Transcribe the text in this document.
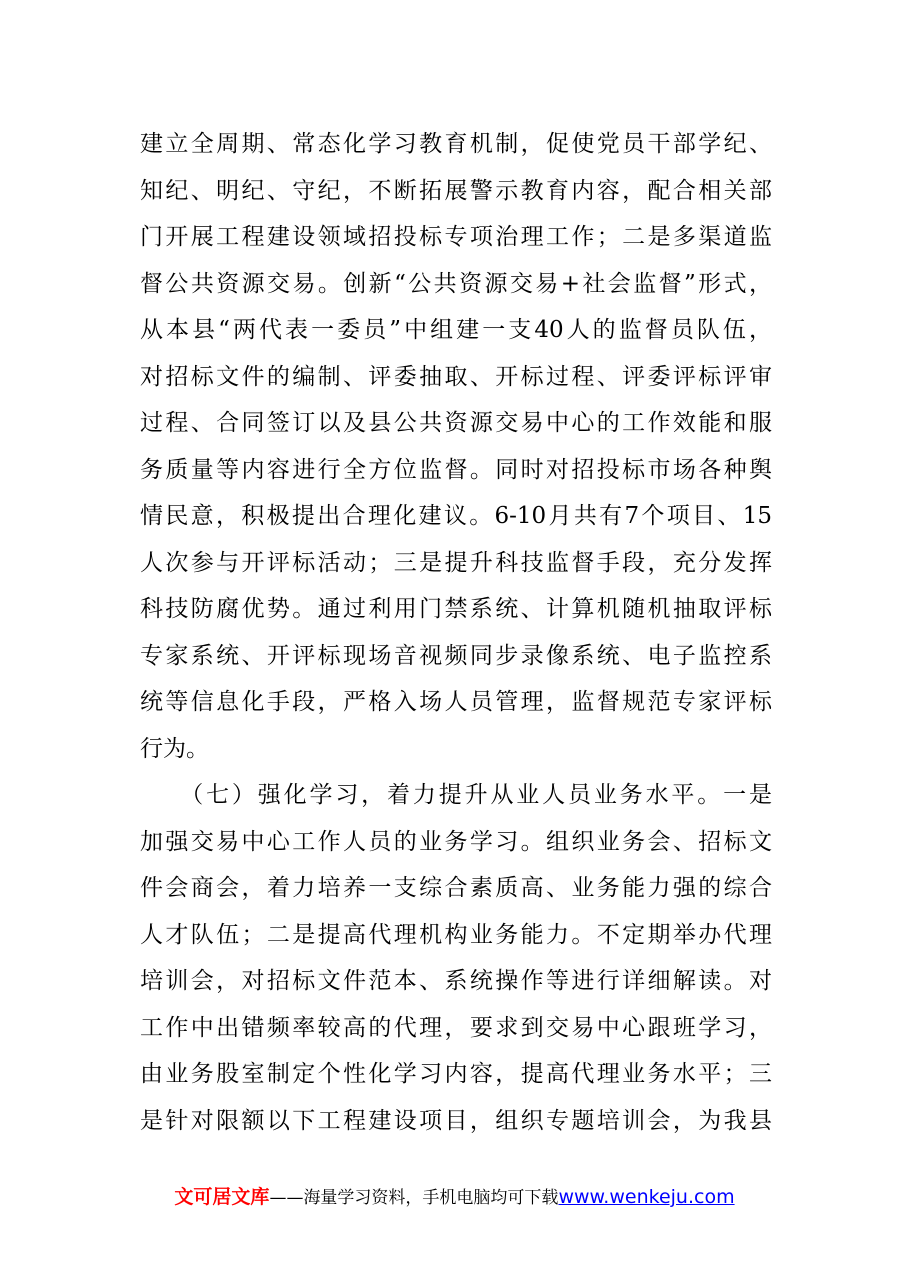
建立全周期、常态化学习教育机制，促使党员干部学纪、
知纪、明纪、守纪，不断拓展警示教育内容，配合相关部
门开展工程建设领域招投标专项治理工作；二是多渠道监
督公共资源交易。创新“公共资源交易+社会监督”形式，
从本县“两代表一委员”中组建一支40人的监督员队伍，
对招标文件的编制、评委抽取、开标过程、评委评标评审
过程、合同签订以及县公共资源交易中心的工作效能和服
务质量等内容进行全方位监督。同时对招投标市场各种舆
情民意，积极提出合理化建议。6-10月共有7个项目、15
人次参与开评标活动；三是提升科技监督手段，充分发挥
科技防腐优势。通过利用门禁系统、计算机随机抽取评标
专家系统、开评标现场音视频同步录像系统、电子监控系
统等信息化手段，严格入场人员管理，监督规范专家评标
行为。
　　（七）强化学习，着力提升从业人员业务水平。一是
加强交易中心工作人员的业务学习。组织业务会、招标文
件会商会，着力培养一支综合素质高、业务能力强的综合
人才队伍；二是提高代理机构业务能力。不定期举办代理
培训会，对招标文件范本、系统操作等进行详细解读。对
工作中出错频率较高的代理，要求到交易中心跟班学习，
由业务股室制定个性化学习内容，提高代理业务水平；三
是针对限额以下工程建设项目，组织专题培训会，为我县
文可居文库——海量学习资料，手机电脑均可下载www.wenkeju.com
